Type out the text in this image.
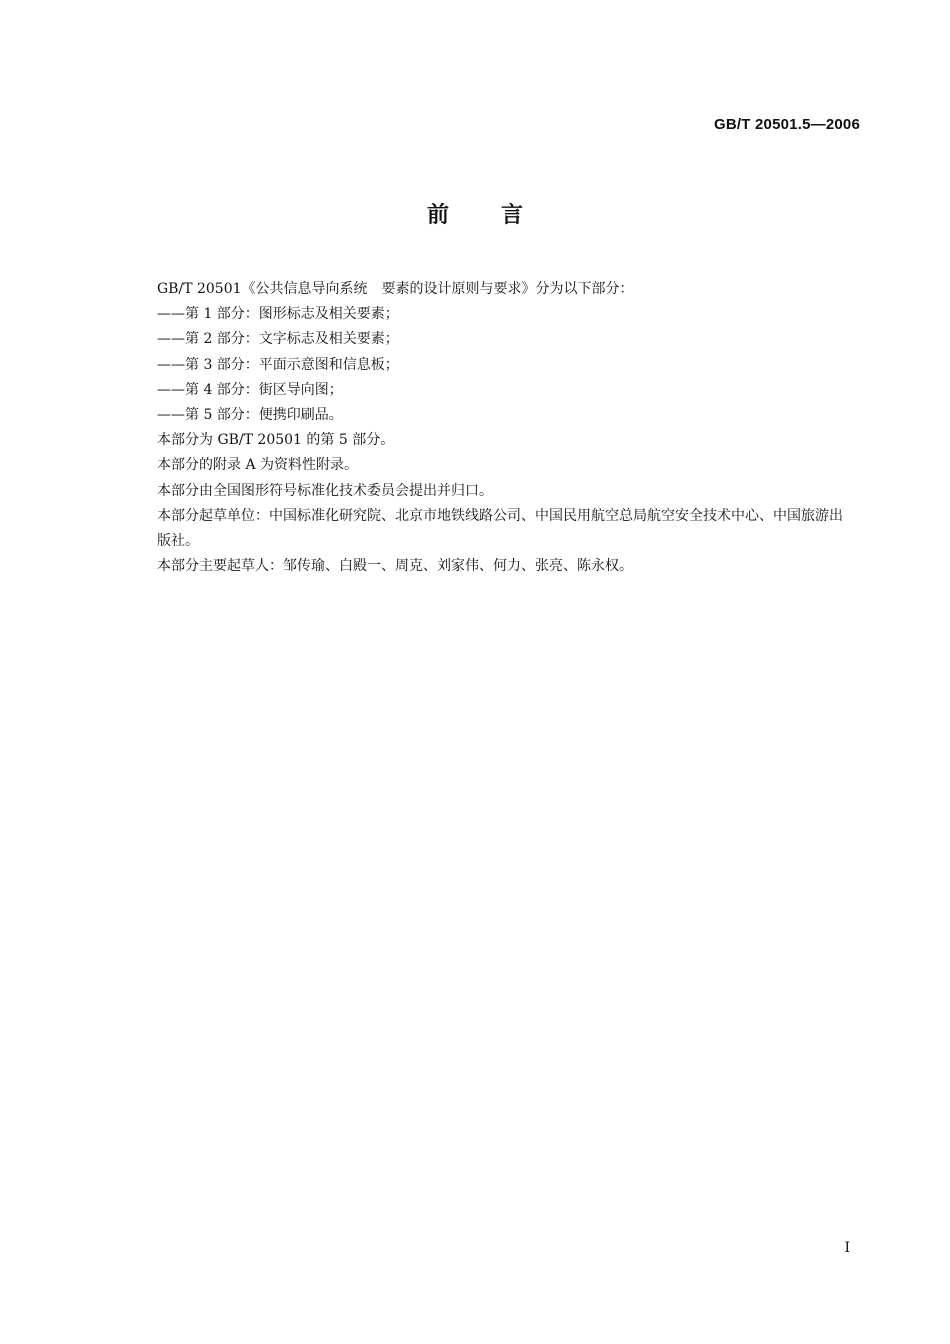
GB/T 20501.5—2006
前 言

GB/T 20501《公共信息导向系统　要素的设计原则与要求》分为以下部分：

——第 1 部分：图形标志及相关要素；

——第 2 部分：文字标志及相关要素；

——第 3 部分：平面示意图和信息板；

——第 4 部分：街区导向图；

——第 5 部分：便携印刷品。

本部分为 GB/T 20501 的第 5 部分。

本部分的附录 A 为资料性附录。

本部分由全国图形符号标准化技术委员会提出并归口。

本部分起草单位：中国标准化研究院、北京市地铁线路公司、中国民用航空总局航空安全技术中心、中国旅游出版社。

本部分主要起草人：邹传瑜、白殿一、周克、刘家伟、何力、张亮、陈永权。

I
